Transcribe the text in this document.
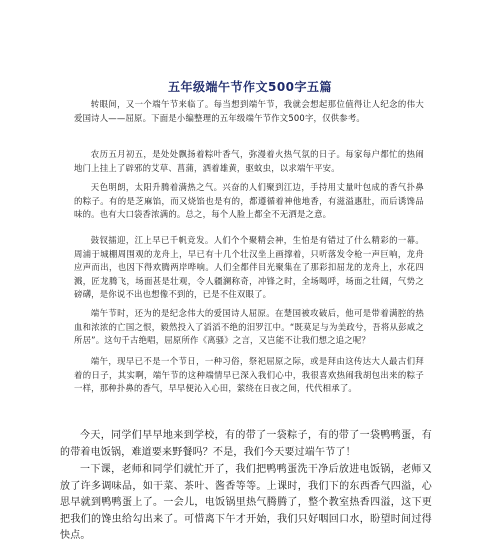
五年级端午节作文500字五篇
转眼间，又一个端午节来临了。每当想到端午节，我就会想起那位值得让人纪念的伟大爱国诗人——屈原。下面是小编整理的五年级端午节作文500字，仅供参考。
农历五月初五，是处处飘扬着粽叶香气，弥漫着火热气氛的日子。每家每户都忙的热闹地门上挂上了辟邪的艾草、菖蒲，洒着雄黄，驱蚊虫，以求端午平安。
天色明朗，太阳升腾着满热之气。兴奋的人们聚到江边，手持用丈量叶包成的香气扑鼻的粽子。有的是芝麻馅，而又烧馅也是有的，都遵循着神他地香，有滋溢惠肚，而后诱馋品味的。也有大口袋香浓满的。总之，每个人脸上都全不无洒是之意。
鼓钗擂迎，江上早已千帆竞发。人们个个聚精会神，生怕是有错过了什么精彩的一幕。周浦于城棚周围观的龙舟上，早已有十几个壮汉坐上画撑着，只听落发令枪一声巨响，龙舟应声而出，也因下得欢腾两岸哗响。人们全都伴目光聚集在了那彩扣屈龙的龙舟上，水花四溅，匠龙腾飞，场面甚是壮观，令人疆澜称奇，冲锋之时，全场喝呼，场面之壮阔，气势之磅礴，是你说不出也想像不到的，已是不住双眼了。
端午节时，还为的是纪念伟大的爱国诗人屈原。在楚国被攻破后，他可是带着满腔的热血和浓浓的亡国之恨，毅然投入了滔滔不绝的汨罗江中。“既莫足与为美政兮，吾将从彭咸之所居”。这句千古绝唱，屈原所作《离骚》之言，又岂能不让我们想之追之呢？
端午，现早已不是一个节日，一种习俗，祭祀屈原之际，或是拜由这传达大人最古们拜着的日子，其实啊，端午节的这种端情早已深入我们心中，我很喜欢热闹我胡包出来的粽子一样，那种扑鼻的香气，早早便沁入心田，萦绕在日夜之间，代代相承了。
今天，同学们早早地来到学校，有的带了一袋粽子，有的带了一袋鸭鸭蛋，有的带着电饭锅，难道要来野餐吗？不是，我们今天要过端午节了！
一下课，老师和同学们就忙开了，我们把鸭鸭蛋洗干净后放进电饭锅，老师又放了许多调味品，如干菜、茶叶、酱香等等。上课时，我们下的东西香气四溢，心思早就到鸭鸭蛋上了。一会儿，电饭锅里热气腾腾了，整个教室热香四溢，这下更把我们的馋虫给勾出来了。可惜离下午才开始，我们只好咽回口水，盼望时间过得快点。
